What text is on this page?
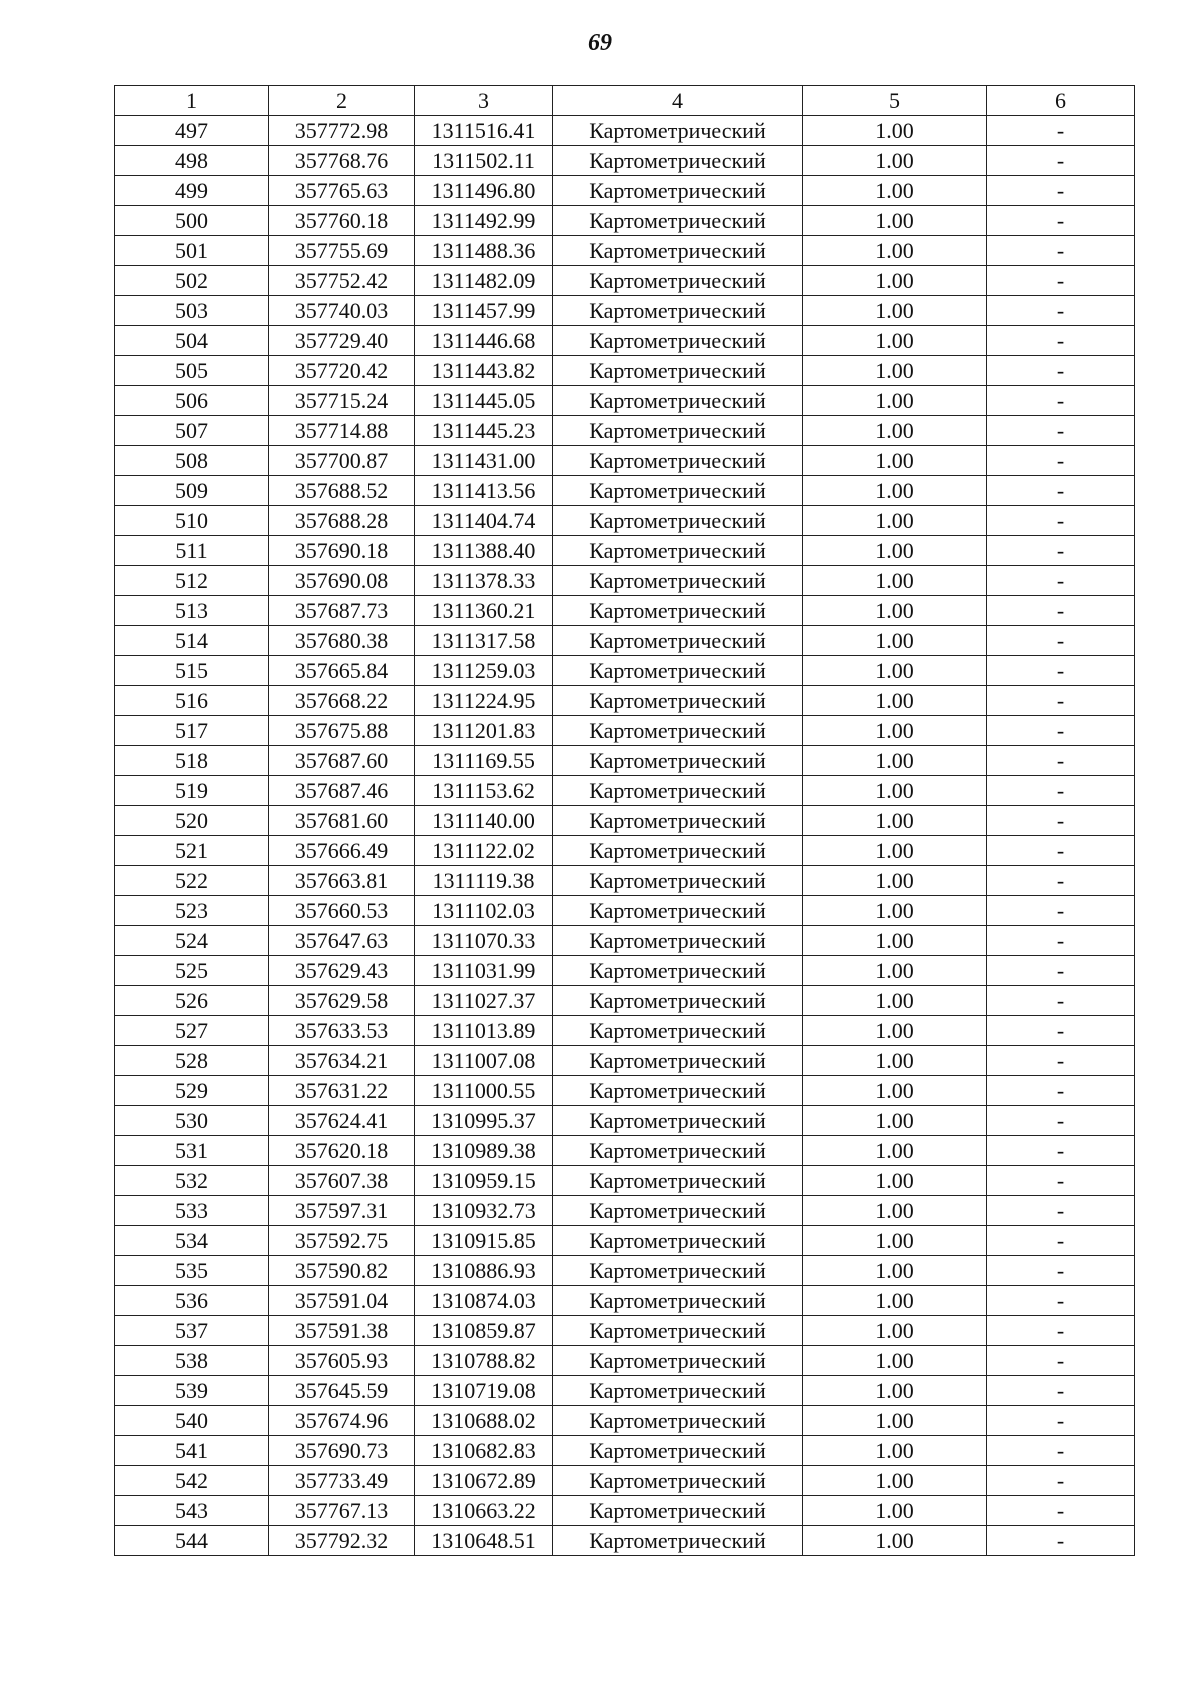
69
1	2	3	4	5	6
497	357772.98	1311516.41	Картометрический	1.00	-
498	357768.76	1311502.11	Картометрический	1.00	-
499	357765.63	1311496.80	Картометрический	1.00	-
500	357760.18	1311492.99	Картометрический	1.00	-
501	357755.69	1311488.36	Картометрический	1.00	-
502	357752.42	1311482.09	Картометрический	1.00	-
503	357740.03	1311457.99	Картометрический	1.00	-
504	357729.40	1311446.68	Картометрический	1.00	-
505	357720.42	1311443.82	Картометрический	1.00	-
506	357715.24	1311445.05	Картометрический	1.00	-
507	357714.88	1311445.23	Картометрический	1.00	-
508	357700.87	1311431.00	Картометрический	1.00	-
509	357688.52	1311413.56	Картометрический	1.00	-
510	357688.28	1311404.74	Картометрический	1.00	-
511	357690.18	1311388.40	Картометрический	1.00	-
512	357690.08	1311378.33	Картометрический	1.00	-
513	357687.73	1311360.21	Картометрический	1.00	-
514	357680.38	1311317.58	Картометрический	1.00	-
515	357665.84	1311259.03	Картометрический	1.00	-
516	357668.22	1311224.95	Картометрический	1.00	-
517	357675.88	1311201.83	Картометрический	1.00	-
518	357687.60	1311169.55	Картометрический	1.00	-
519	357687.46	1311153.62	Картометрический	1.00	-
520	357681.60	1311140.00	Картометрический	1.00	-
521	357666.49	1311122.02	Картометрический	1.00	-
522	357663.81	1311119.38	Картометрический	1.00	-
523	357660.53	1311102.03	Картометрический	1.00	-
524	357647.63	1311070.33	Картометрический	1.00	-
525	357629.43	1311031.99	Картометрический	1.00	-
526	357629.58	1311027.37	Картометрический	1.00	-
527	357633.53	1311013.89	Картометрический	1.00	-
528	357634.21	1311007.08	Картометрический	1.00	-
529	357631.22	1311000.55	Картометрический	1.00	-
530	357624.41	1310995.37	Картометрический	1.00	-
531	357620.18	1310989.38	Картометрический	1.00	-
532	357607.38	1310959.15	Картометрический	1.00	-
533	357597.31	1310932.73	Картометрический	1.00	-
534	357592.75	1310915.85	Картометрический	1.00	-
535	357590.82	1310886.93	Картометрический	1.00	-
536	357591.04	1310874.03	Картометрический	1.00	-
537	357591.38	1310859.87	Картометрический	1.00	-
538	357605.93	1310788.82	Картометрический	1.00	-
539	357645.59	1310719.08	Картометрический	1.00	-
540	357674.96	1310688.02	Картометрический	1.00	-
541	357690.73	1310682.83	Картометрический	1.00	-
542	357733.49	1310672.89	Картометрический	1.00	-
543	357767.13	1310663.22	Картометрический	1.00	-
544	357792.32	1310648.51	Картометрический	1.00	-
